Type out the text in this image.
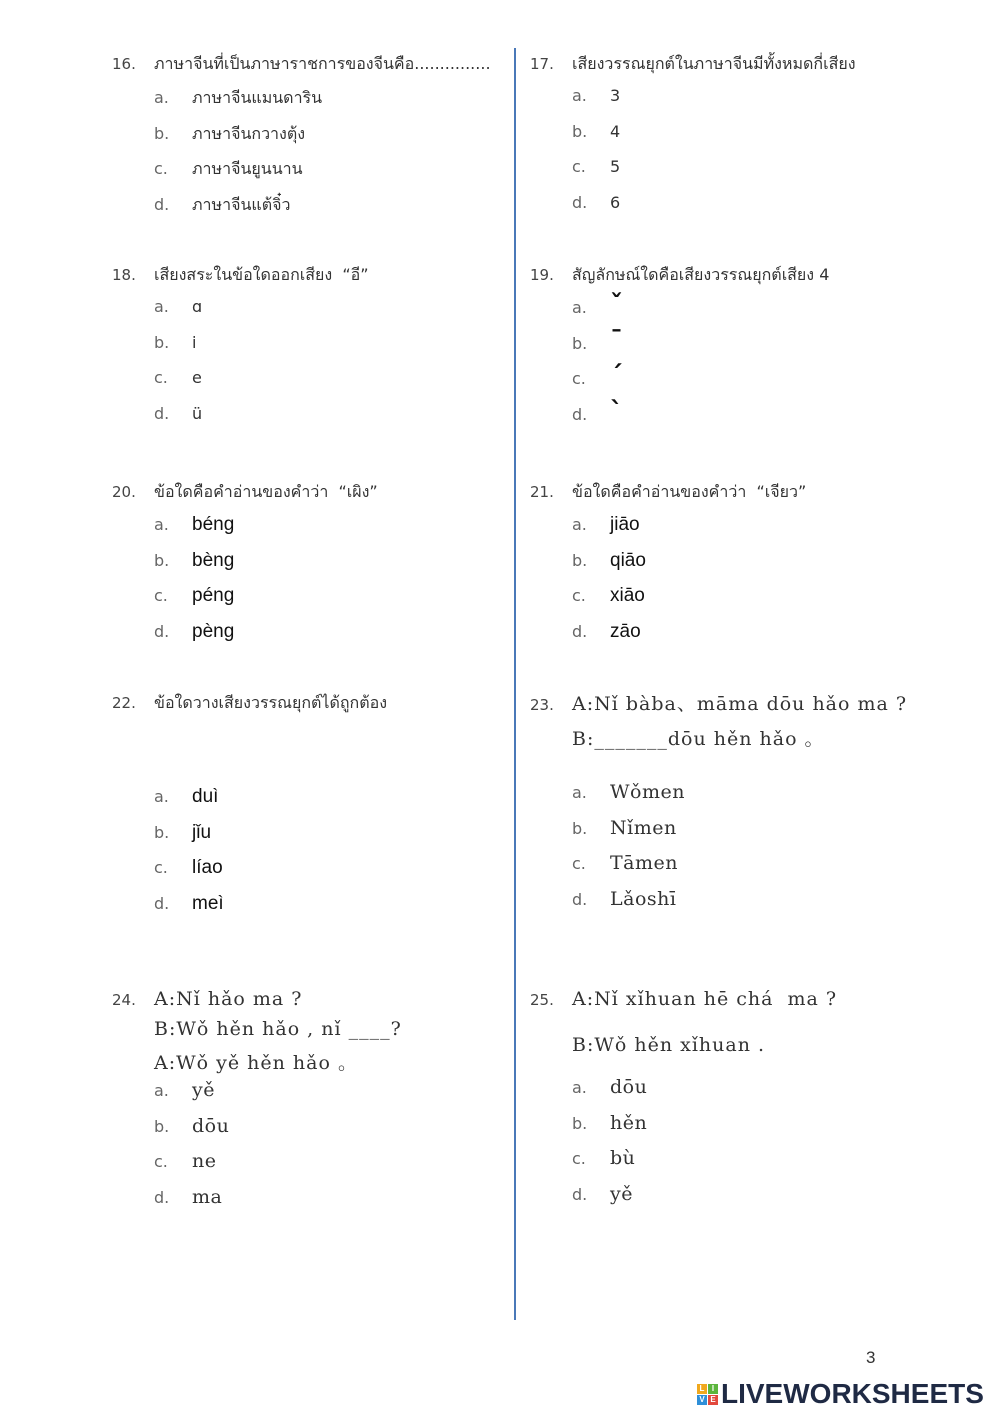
16.	ภาษาจีนที่เป็นภาษาราชการของจีนคือ...............
a.	ภาษาจีนแมนดาริน
b.	ภาษาจีนกวางตุ้ง
c.	ภาษาจีนยูนนาน
d.	ภาษาจีนแต้จิ๋ว
17.	เสียงวรรณยุกต์ในภาษาจีนมีทั้งหมดกี่เสียง
a.	3
b.	4
c.	5
d.	6
18.	เสียงสระในข้อใดออกเสียง  “อี”
a.	ɑ
b.	i
c.	e
d.	ü
19.	สัญลักษณ์ใดคือเสียงวรรณยุกต์เสียง 4
a. ˇ
b. ˉ
c. ˊ
d. ˋ
20.	ข้อใดคือคำอ่านของคำว่า  “เผิง”
a.	béng
b.	bèng
c.	péng
d.	pèng
21.	ข้อใดคือคำอ่านของคำว่า  “เจียว”
a.	jiāo
b.	qiāo
c.	xiāo
d.	zāo
22.	ข้อใดวางเสียงวรรณยุกต์ได้ถูกต้อง
a.	duì
b.	jǐu
c.	líao
d.	meì
23. A:Nǐ bàba、māma dōu hǎo ma ?
B:_______dōu hěn hǎo 。
a.	Wǒmen
b.	Nǐmen
c.	Tāmen
d.	Lǎoshī
24. A:Nǐ hǎo ma ?
B:Wǒ hěn hǎo , nǐ ____?
A:Wǒ yě hěn hǎo 。
a.	yě
b.	dōu
c.	ne
d.	ma
25. A:Nǐ xǐhuan hē chá  ma ?
B:Wǒ hěn xǐhuan .
a.	dōu
b.	hěn
c.	bù
d.	yě
3
L I
V E LIVEWORKSHEETS
